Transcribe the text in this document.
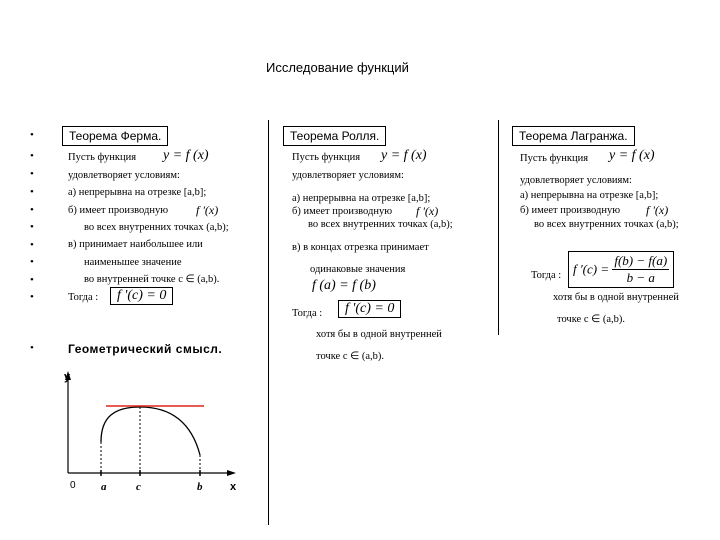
Исследование функций
•
•
•
•
•
•
•
•
•
•
•
Теорема Ферма.
Пусть функция y = f (x)
удовлетворяет условиям:
а) непрерывна на отрезке [a,b];
б) имеет производную f '(x)
во всех внутренних точках (a,b);
в) принимает наибольшее или
наименьшее значение
во внутренней точке c ∈ (a,b).
Тогда :	f '(c) = 0
Геометрический смысл.
Теорема Ролля.
Пусть функция y = f (x)
удовлетворяет условиям:
а) непрерывна на отрезке [a,b];
б) имеет производную f '(x)
во всех внутренних точках (a,b);
в) в концах отрезка принимает
одинаковые значения
f (a) = f (b)
Тогда :	f '(c) = 0
хотя бы в одной внутренней
точке c ∈ (a,b).
Теорема Лагранжа.
Пусть функция y = f (x)
удовлетворяет условиям:
а) непрерывна на отрезке [a,b];
б) имеет производную f '(x)
во всех внутренних точках (a,b);
Тогда : f '$(c) = \frac{f(b) - f(a)}{b - a}$
хотя бы в одной внутренней
точке c ∈ (a,b).
y
x
0 a	c	b
